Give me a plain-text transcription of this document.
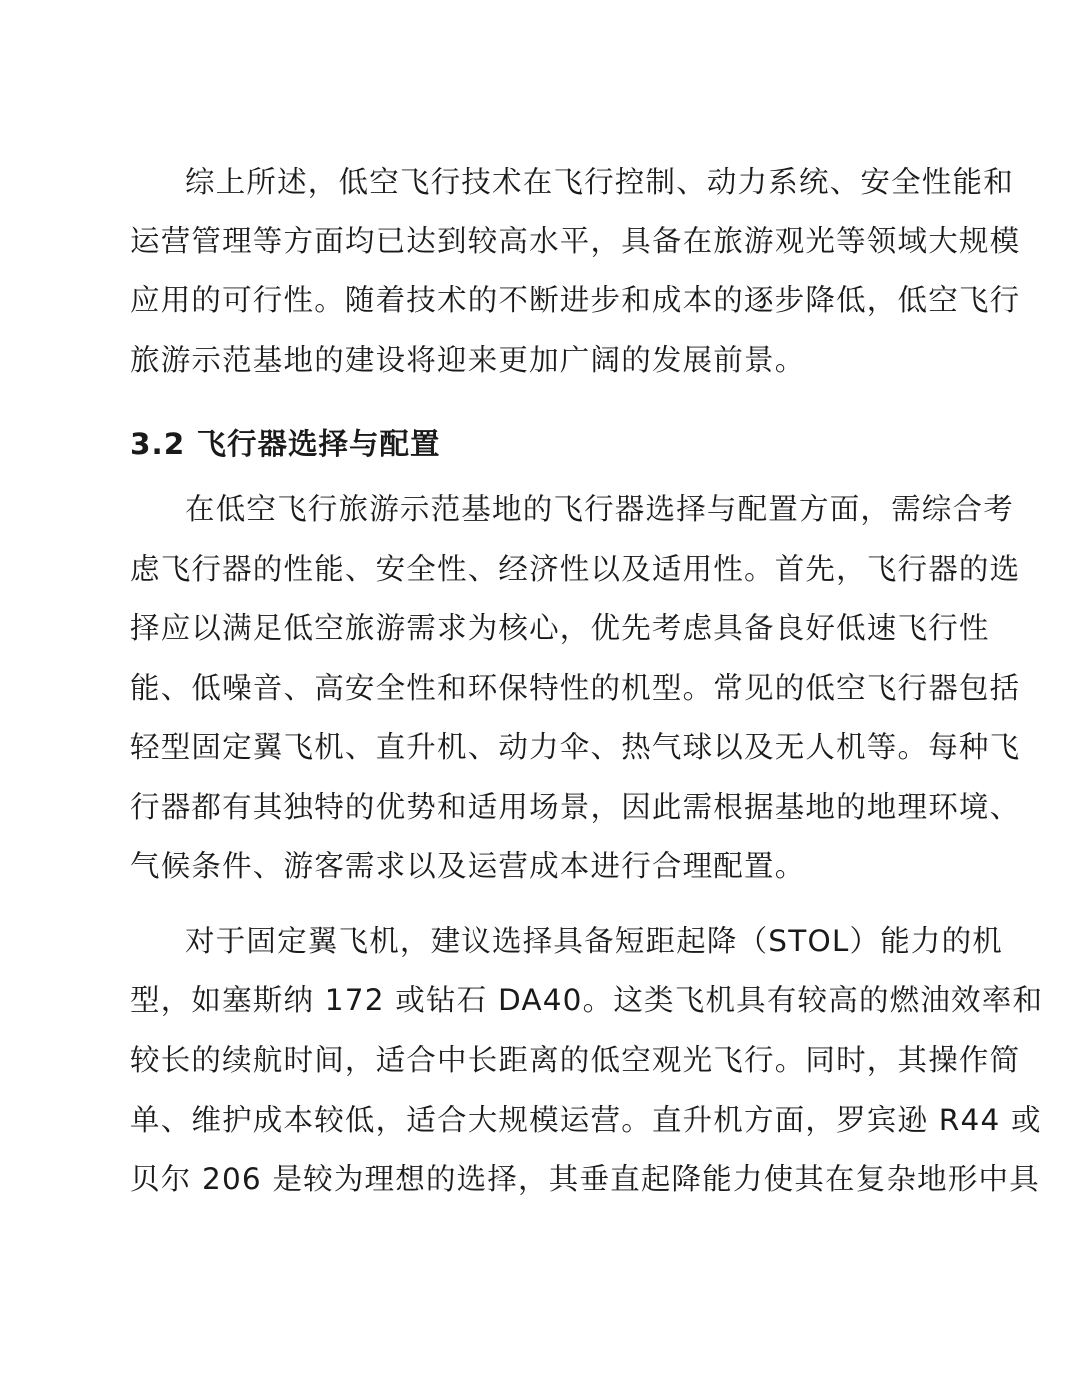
综上所述，低空飞行技术在飞行控制、动力系统、安全性能和
运营管理等方面均已达到较高水平，具备在旅游观光等领域大规模
应用的可行性。随着技术的不断进步和成本的逐步降低，低空飞行
旅游示范基地的建设将迎来更加广阔的发展前景。
3.2 飞行器选择与配置
在低空飞行旅游示范基地的飞行器选择与配置方面，需综合考
虑飞行器的性能、安全性、经济性以及适用性。首先，飞行器的选
择应以满足低空旅游需求为核心，优先考虑具备良好低速飞行性
能、低噪音、高安全性和环保特性的机型。常见的低空飞行器包括
轻型固定翼飞机、直升机、动力伞、热气球以及无人机等。每种飞
行器都有其独特的优势和适用场景，因此需根据基地的地理环境、
气候条件、游客需求以及运营成本进行合理配置。
对于固定翼飞机，建议选择具备短距起降（STOL）能力的机
型，如塞斯纳 172 或钻石 DA40。这类飞机具有较高的燃油效率和
较长的续航时间，适合中长距离的低空观光飞行。同时，其操作简
单、维护成本较低，适合大规模运营。直升机方面，罗宾逊 R44 或
贝尔 206 是较为理想的选择，其垂直起降能力使其在复杂地形中具
